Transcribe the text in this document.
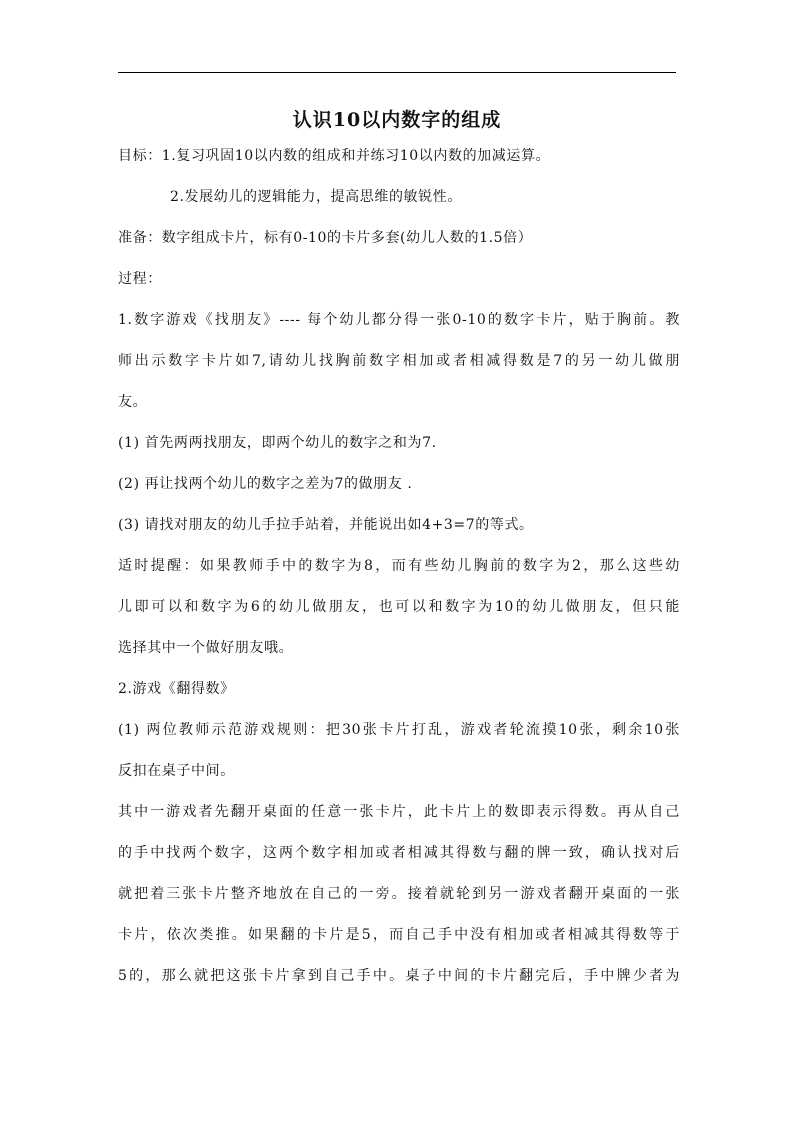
认识10以内数字的组成
目标：1.复习巩固10以内数的组成和并练习10以内数的加减运算。
2.发展幼儿的逻辑能力，提高思维的敏锐性。
准备：数字组成卡片，标有0-10的卡片多套(幼儿人数的1.5倍）
过程：
1.数字游戏《找朋友》---- 每个幼儿都分得一张0-10的数字卡片，贴于胸前。教
师出示数字卡片如7,请幼儿找胸前数字相加或者相减得数是7的另一幼儿做朋
友。
(1) 首先两两找朋友，即两个幼儿的数字之和为7.
(2) 再让找两个幼儿的数字之差为7的做朋友 .
(3) 请找对朋友的幼儿手拉手站着，并能说出如4+3=7的等式。
适时提醒：如果教师手中的数字为8，而有些幼儿胸前的数字为2，那么这些幼
儿即可以和数字为6的幼儿做朋友，也可以和数字为10的幼儿做朋友，但只能
选择其中一个做好朋友哦。
2.游戏《翻得数》
(1) 两位教师示范游戏规则：把30张卡片打乱，游戏者轮流摸10张，剩余10张
反扣在桌子中间。
其中一游戏者先翻开桌面的任意一张卡片，此卡片上的数即表示得数。再从自己
的手中找两个数字，这两个数字相加或者相减其得数与翻的牌一致，确认找对后
就把着三张卡片整齐地放在自己的一旁。接着就轮到另一游戏者翻开桌面的一张
卡片，依次类推。如果翻的卡片是5，而自己手中没有相加或者相减其得数等于
5的，那么就把这张卡片拿到自己手中。桌子中间的卡片翻完后，手中牌少者为
